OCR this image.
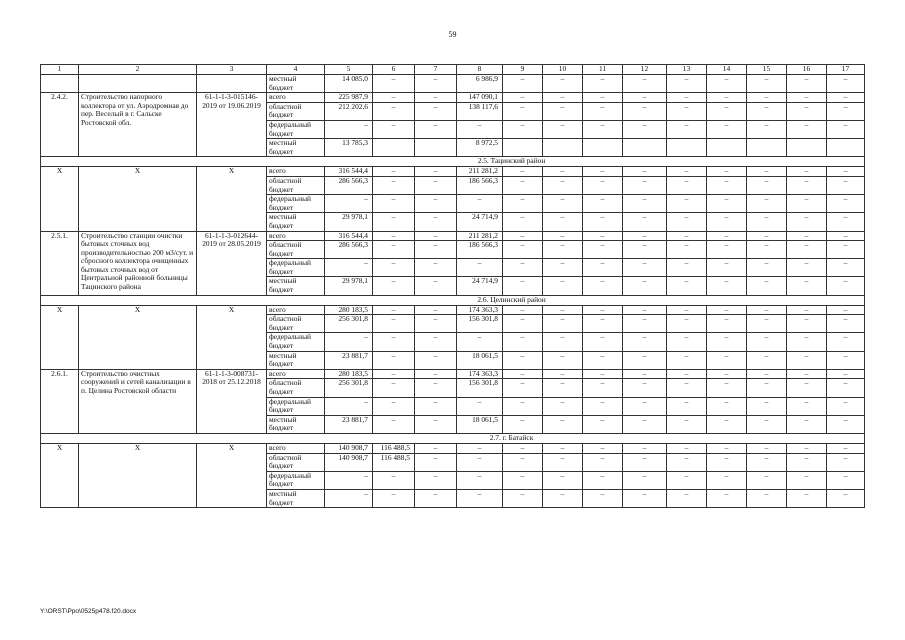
59
1	2	3	4	5	6	7	8	9	10	11	12	13	14	15	16	17
			местный бюджет	14 085,0	–	–	6 986,9	–	–	–	–	–	–	–	–	–
2.4.2.	Строительство напорного коллектора от ул. Аэродромная до пер. Веселый в г. Сальске Ростовской обл.	61-1-1-3-015146-2019 от 19.06.2019	всего	225 987,9	–	–	147 090,1	–	–	–	–	–	–	–	–	–
			областной бюджет	212 202,6	–	–	138 117,6	–	–	–	–	–	–	–	–	–
			федеральный бюджет	–	–	–	–	–	–	–	–	–	–	–	–	–
			местный бюджет	13 785,3			8 972,5									
2.5. Тацинский район																
Х	Х	Х	всего	316 544,4	–	–	211 281,2	–	–	–	–	–	–	–	–	–
			областной бюджет	286 566,3	–	–	186 566,3	–	–	–	–	–	–	–	–	–
			федеральный бюджет	–	–	–	–	–	–	–	–	–	–	–	–	–
			местный бюджет	29 978,1	–	–	24 714,9	–	–	–	–	–	–	–	–	–
2.5.1.	Строительство станции очистки бытовых сточных вод производительностью 200 м3/сут. и сбросного коллектора очищенных бытовых сточных вод от Центральной районной больницы Тацинского района	61-1-1-3-012644-2019 от 28.05.2019	всего	316 544,4	–	–	211 281,2	–	–	–	–	–	–	–	–	–
			областной бюджет	286 566,3	–	–	186 566,3	–	–	–	–	–	–	–	–	–
			федеральный бюджет	–	–	–	–	–	–	–	–	–	–	–	–	–
			местный бюджет	29 978,1	–	–	24 714,9	–	–	–	–	–	–	–	–	–
2.6. Целинский район																
Х	Х	Х	всего	280 183,5	–	–	174 363,3	–	–	–	–	–	–	–	–	–
			областной бюджет	256 301,8	–	–	156 301,8	–	–	–	–	–	–	–	–	–
			федеральный бюджет	–	–	–	–	–	–	–	–	–	–	–	–	–
			местный бюджет	23 881,7	–	–	18 061,5	–	–	–	–	–	–	–	–	–
2.6.1.	Строительство очистных сооружений и сетей канализации в п. Целина Ростовской области	61-1-1-3-008731-2018 от 25.12.2018	всего	280 183,5	–	–	174 363,3	–	–	–	–	–	–	–	–	–
			областной бюджет	256 301,8	–	–	156 301,8	–	–	–	–	–	–	–	–	–
			федеральный бюджет	–	–	–	–	–	–	–	–	–	–	–	–	–
			местный бюджет	23 881,7	–	–	18 061,5	–	–	–	–	–	–	–	–	–
2.7. г. Батайск																
Х	Х	Х	всего	140 908,7	116 488,5	–	–	–	–	–	–	–	–	–	–	–
			областной бюджет	140 908,7	116 488,5	–	–	–	–	–	–	–	–	–	–	–
			федеральный бюджет	–	–	–	–	–	–	–	–	–	–	–	–	–
			местный бюджет	–	–	–	–	–	–	–	–	–	–	–	–	–
Y:\ORST\Ppo\0525p478.f20.docx
